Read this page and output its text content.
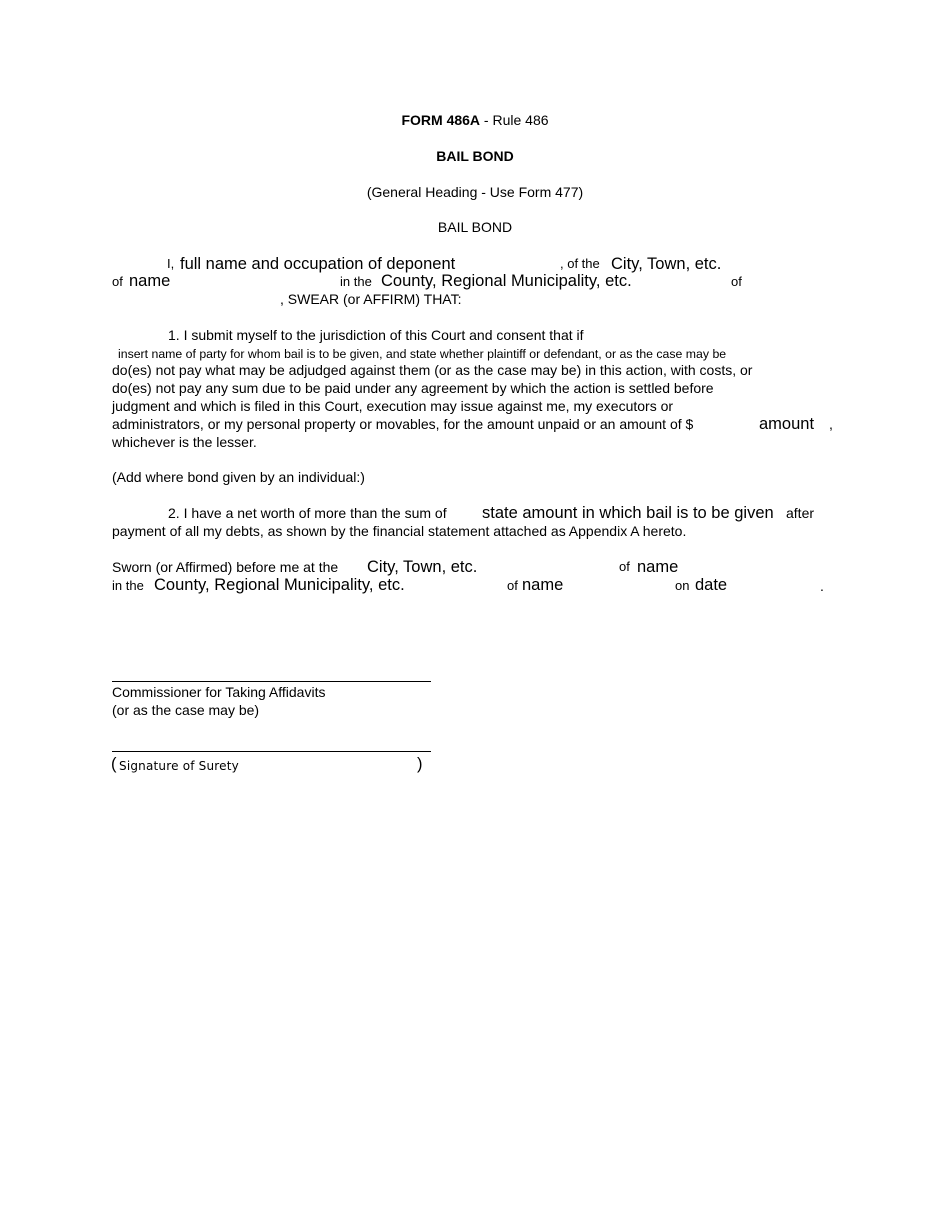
FORM 486A - Rule 486
BAIL BOND
(General Heading - Use Form 477)
BAIL BOND
I, full name and occupation of deponent	, of the City, Town, etc.
of name	in the County, Regional Municipality, etc.	of
, SWEAR (or AFFIRM) THAT:
1. I submit myself to the jurisdiction of this Court and consent that if
insert name of party for whom bail is to be given, and state whether plaintiff or defendant, or as the case may be
do(es) not pay what may be adjudged against them (or as the case may be) in this action, with costs, or
do(es) not pay any sum due to be paid under any agreement by which the action is settled before
judgment and which is filed in this Court, execution may issue against me, my executors or
administrators, or my personal property or movables, for the amount unpaid or an amount of $	amount ,
whichever is the lesser.
(Add where bond given by an individual:)
2. I have a net worth of more than the sum of state amount in which bail is to be given after
payment of all my debts, as shown by the financial statement attached as Appendix A hereto.
Sworn (or Affirmed) before me at the City, Town, etc.	of name
in the County, Regional Municipality, etc.	of name	on date	.
Commissioner for Taking Affidavits
(or as the case may be)
( Signature of Surety	)
